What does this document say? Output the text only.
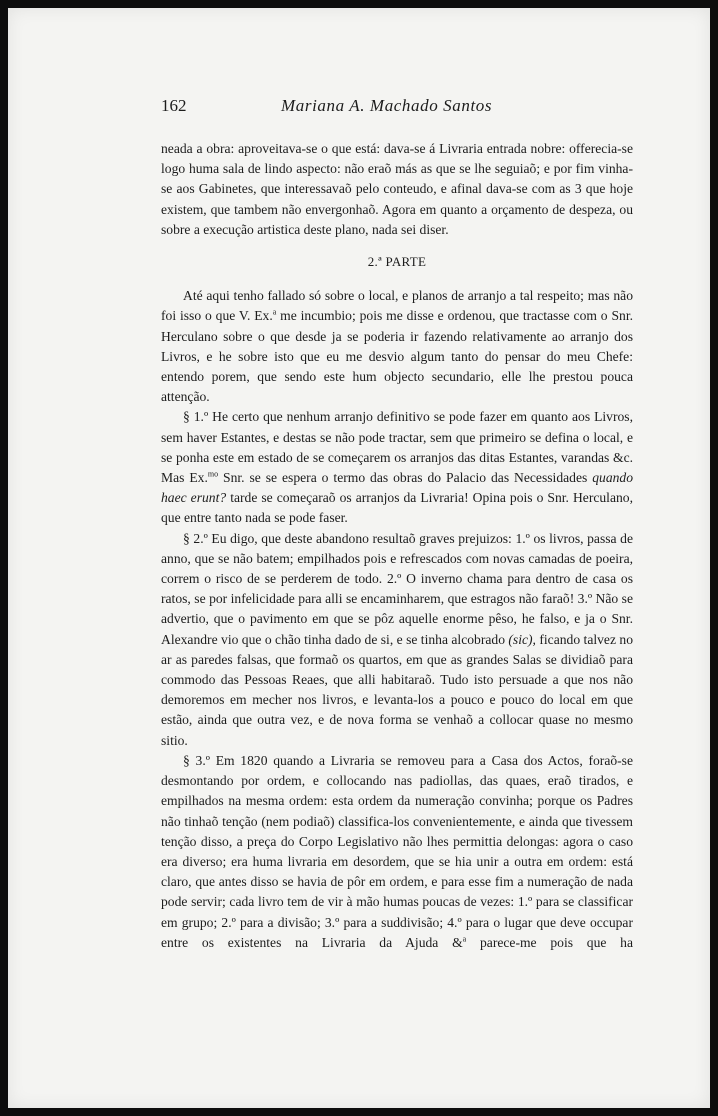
162	Mariana A. Machado Santos

neada a obra: aproveitava-se o que está: dava-se á Livraria entrada nobre: offerecia-se logo huma sala de lindo aspecto: não eraõ más as que se lhe seguiaõ; e por fim vinha-se aos Gabinetes, que interessavaõ pelo conteudo, e afinal dava-se com as 3 que hoje existem, que tambem não envergonhaõ. Agora em quanto a orçamento de despeza, ou sobre a execução artistica deste plano, nada sei diser.

2.ª PARTE

Até aqui tenho fallado só sobre o local, e planos de arranjo a tal respeito; mas não foi isso o que V. Ex.$^a$ me incumbio; pois me disse e ordenou, que tractasse com o Snr. Herculano sobre o que desde ja se poderia ir fazendo relativamente ao arranjo dos Livros, e he sobre isto que eu me desvio algum tanto do pensar do meu Chefe: entendo porem, que sendo este hum objecto secundario, elle lhe prestou pouca attenção.

§ 1.º He certo que nenhum arranjo definitivo se pode fazer em quanto aos Livros, sem haver Estantes, e destas se não pode tractar, sem que primeiro se defina o local, e se ponha este em estado de se começarem os arranjos das ditas Estantes, varandas &c. Mas Ex.$^{mo}$ Snr. se se espera o termo das obras do Palacio das Necessidades quando haec erunt? tarde se começaraõ os arranjos da Livraria! Opina pois o Snr. Herculano, que entre tanto nada se pode faser.

§ 2.º Eu digo, que deste abandono resultaõ graves prejuizos: 1.º os livros, passa de anno, que se não batem; empilhados pois e refrescados com novas camadas de poeira, correm o risco de se perderem de todo. 2.º O inverno chama para dentro de casa os ratos, se por infelicidade para alli se encaminharem, que estragos não faraõ! 3.º Não se advertio, que o pavimento em que se pôz aquelle enorme pêso, he falso, e ja o Snr. Alexandre vio que o chão tinha dado de si, e se tinha alcobrado (sic), ficando talvez no ar as paredes falsas, que formaõ os quartos, em que as grandes Salas se dividiaõ para commodo das Pessoas Reaes, que alli habitaraõ. Tudo isto persuade a que nos não demoremos em mecher nos livros, e levanta-los a pouco e pouco do local em que estão, ainda que outra vez, e de nova forma se venhaõ a collocar quase no mesmo sitio.

§ 3.º Em 1820 quando a Livraria se removeu para a Casa dos Actos, foraõ-se desmontando por ordem, e collocando nas padiollas, das quaes, eraõ tirados, e empilhados na mesma ordem: esta ordem da numeração convinha; porque os Padres não tinhaõ tenção (nem podiaõ) classifica-los convenientemente, e ainda que tivessem tenção disso, a preça do Corpo Legislativo não lhes permittia delongas: agora o caso era diverso; era huma livraria em desordem, que se hia unir a outra em ordem: está claro, que antes disso se havia de pôr em ordem, e para esse fim a numeração de nada pode servir; cada livro tem de vir à mão humas poucas de vezes: 1.º para se classificar em grupo; 2.º para a divisão; 3.º para a suddivisão; 4.º para o lugar que deve occupar entre os existentes na Livraria da Ajuda &$^a$ parece-me pois que ha
